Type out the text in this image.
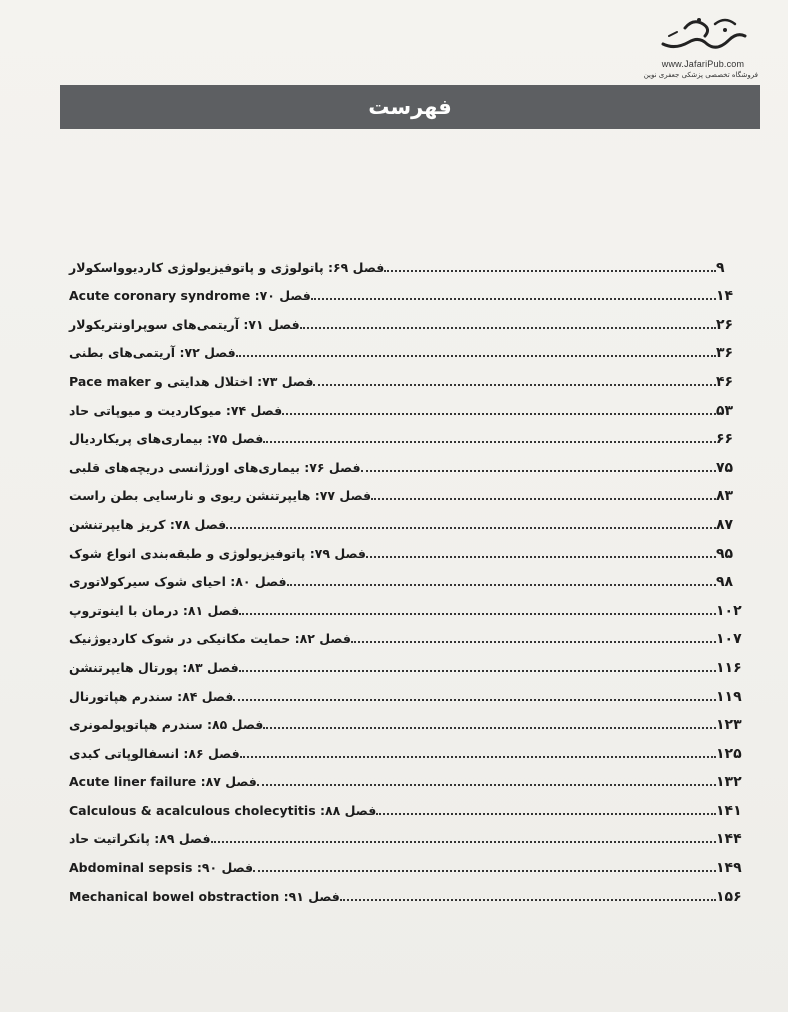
www.JafariPub.com
فروشگاه تخصصی پزشکی جعفری نوین
فهرست
فصل ۶۹: پاتولوژی و پاتوفیزیولوژی کاردیوواسکولار	۹
فصل ۷۰: Acute coronary syndrome	۱۴
فصل ۷۱: آریتمی‌های سوپراونتریکولار	۲۶
فصل ۷۲: آریتمی‌های بطنی	۳۶
فصل ۷۳: اختلال هدایتی و Pace maker	۴۶
فصل ۷۴: میوکاردیت و میوپاتی حاد	۵۳
فصل ۷۵: بیماری‌های پریکاردیال	۶۶
فصل ۷۶: بیماری‌های اورژانسی دریچه‌های قلبی	۷۵
فصل ۷۷: هایپرتنشن ریوی و نارسایی بطن راست	۸۳
فصل ۷۸: کریز هایپرتنشن	۸۷
فصل ۷۹: پاتوفیزیولوژی و طبقه‌بندی انواع شوک	۹۵
فصل ۸۰: احیای شوک سیرکولاتوری	۹۸
فصل ۸۱: درمان با اینوتروپ	۱۰۲
فصل ۸۲: حمایت مکانیکی در شوک کاردیوژنیک	۱۰۷
فصل ۸۳: پورتال هایپرتنشن	۱۱۶
فصل ۸۴: سندرم هپاتورنال	۱۱۹
فصل ۸۵: سندرم هپاتوپولمونری	۱۲۳
فصل ۸۶: انسفالوپاتی کبدی	۱۲۵
فصل ۸۷: Acute liner failure	۱۳۲
فصل ۸۸: Calculous & acalculous cholecytitis	۱۴۱
فصل ۸۹: پانکراتیت حاد	۱۴۴
فصل ۹۰: Abdominal sepsis	۱۴۹
فصل ۹۱: Mechanical bowel obstraction	۱۵۶
